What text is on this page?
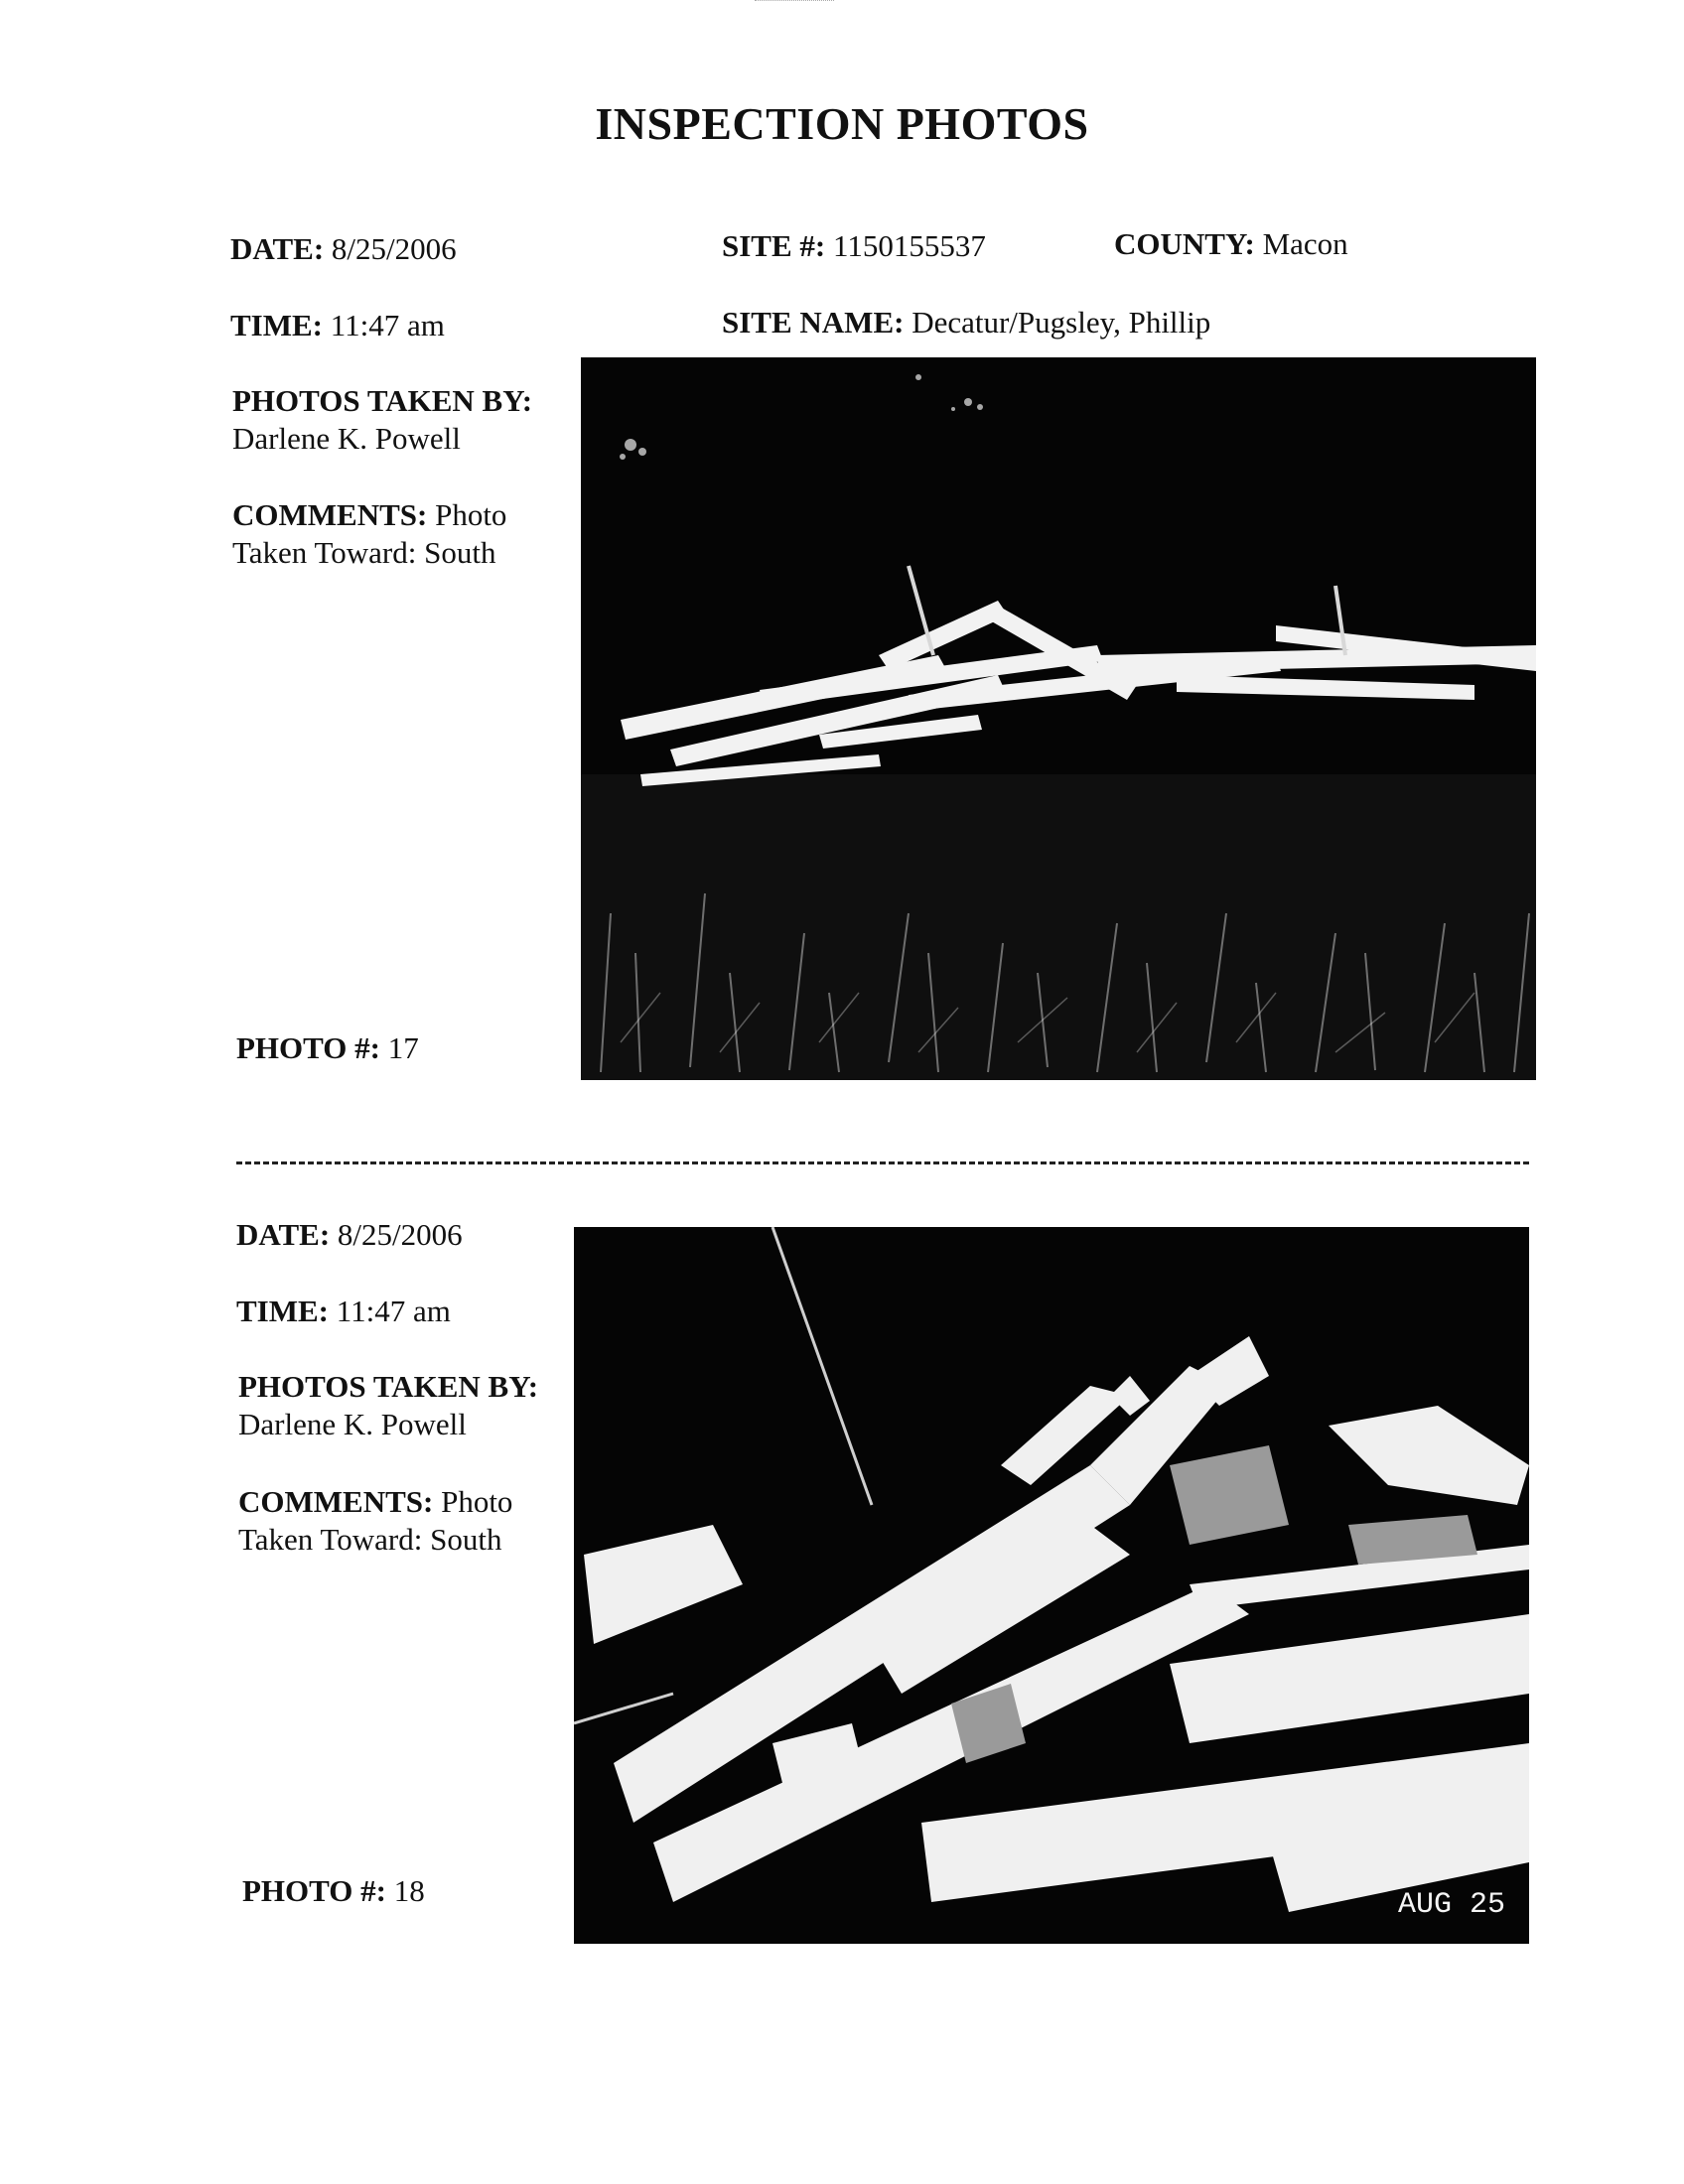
INSPECTION PHOTOS
DATE: 8/25/2006	SITE #: 1150155537	COUNTY: Macon
TIME: 11:47 am	SITE NAME: Decatur/Pugsley, Phillip
PHOTOS TAKEN BY:
Darlene K. Powell
COMMENTS: Photo
Taken Toward: South
PHOTO #: 17
DATE: 8/25/2006
TIME: 11:47 am
PHOTOS TAKEN BY:
Darlene K. Powell
COMMENTS: Photo
Taken Toward: South
PHOTO #: 18	AUG 25
